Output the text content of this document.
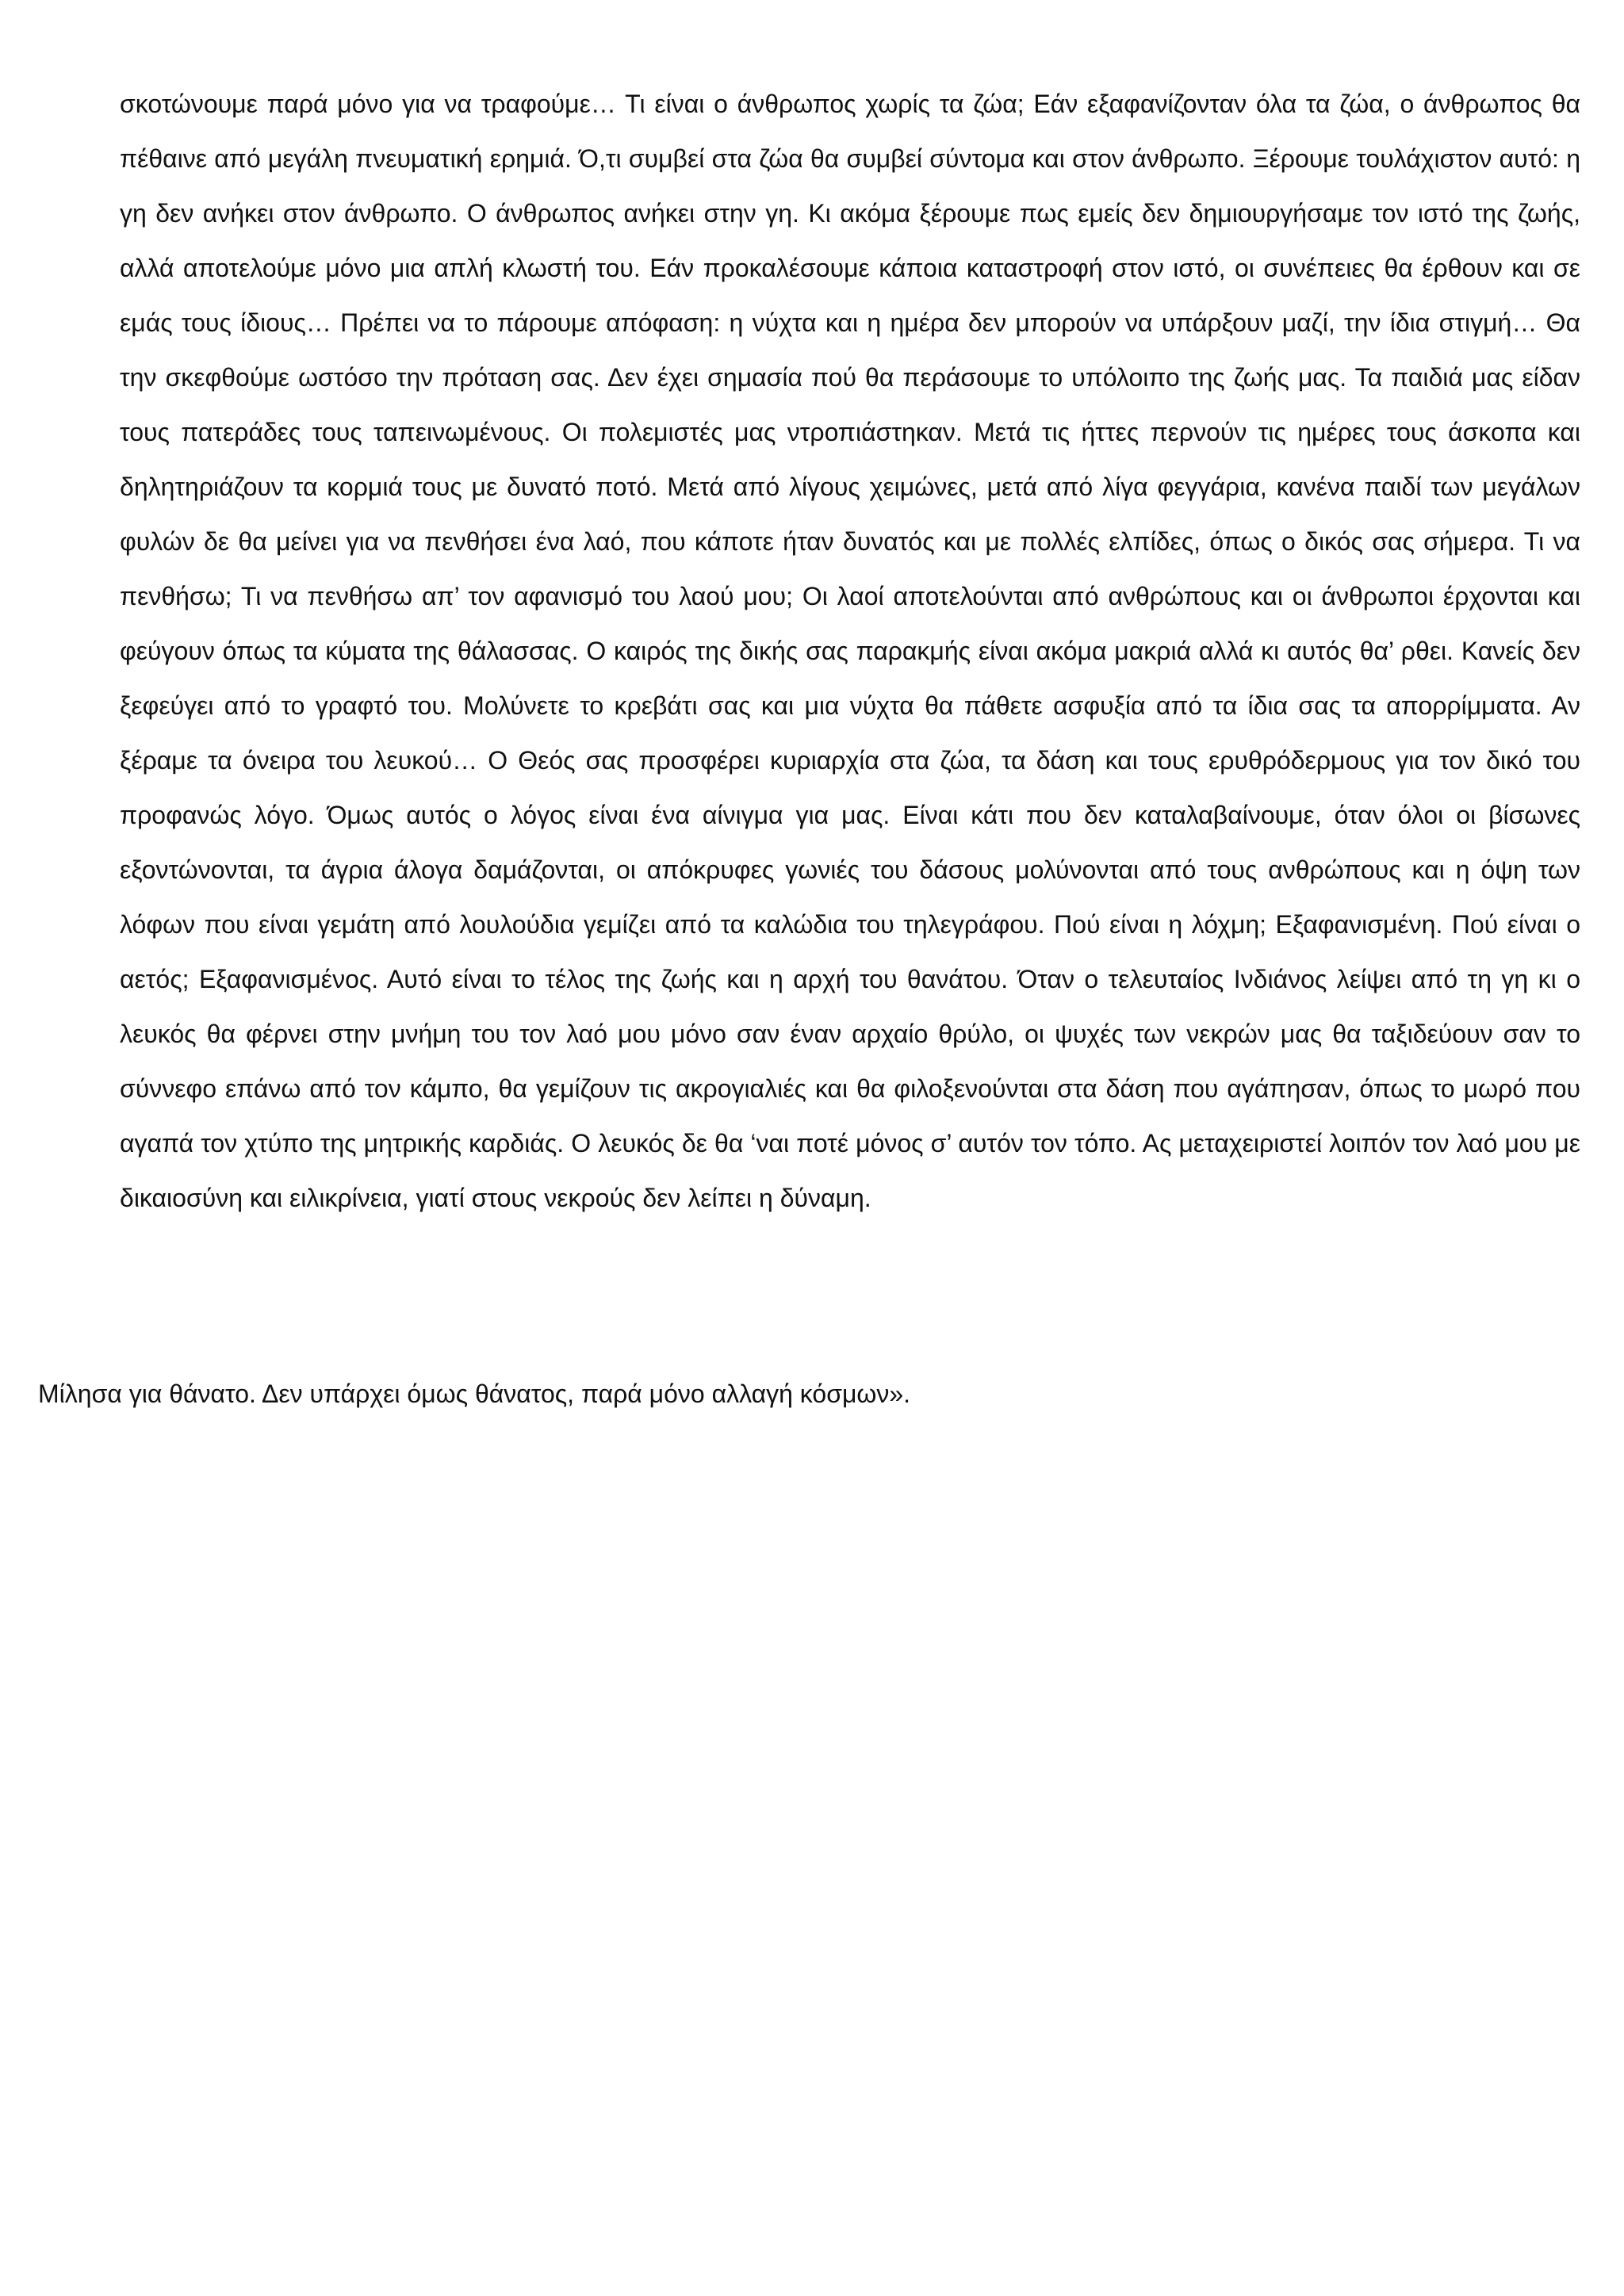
σκοτώνουμε παρά μόνο για να τραφούμε… Τι είναι ο άνθρωπος χωρίς τα ζώα; Εάν εξαφανίζονταν όλα τα ζώα, ο άνθρωπος θα πέθαινε από μεγάλη πνευματική ερημιά. Ό,τι συμβεί στα ζώα θα συμβεί σύντομα και στον άνθρωπο. Ξέρουμε τουλάχιστον αυτό: η γη δεν ανήκει στον άνθρωπο. Ο άνθρωπος ανήκει στην γη. Κι ακόμα ξέρουμε πως εμείς δεν δημιουργήσαμε τον ιστό της ζωής, αλλά αποτελούμε μόνο μια απλή κλωστή του. Εάν προκαλέσουμε κάποια καταστροφή στον ιστό, οι συνέπειες θα έρθουν και σε εμάς τους ίδιους… Πρέπει να το πάρουμε απόφαση: η νύχτα και η ημέρα δεν μπορούν να υπάρξουν μαζί, την ίδια στιγμή… Θα την σκεφθούμε ωστόσο την πρόταση σας. Δεν έχει σημασία πού θα περάσουμε το υπόλοιπο της ζωής μας. Τα παιδιά μας είδαν τους πατεράδες τους ταπεινωμένους. Οι πολεμιστές μας ντροπιάστηκαν. Μετά τις ήττες περνούν τις ημέρες τους άσκοπα και δηλητηριάζουν τα κορμιά τους με δυνατό ποτό. Μετά από λίγους χειμώνες, μετά από λίγα φεγγάρια, κανένα παιδί των μεγάλων φυλών δε θα μείνει για να πενθήσει ένα λαό, που κάποτε ήταν δυνατός και με πολλές ελπίδες, όπως ο δικός σας σήμερα. Τι να πενθήσω; Τι να πενθήσω απ’ τον αφανισμό του λαού μου; Οι λαοί αποτελούνται από ανθρώπους και οι άνθρωποι έρχονται και φεύγουν όπως τα κύματα της θάλασσας. Ο καιρός της δικής σας παρακμής είναι ακόμα μακριά αλλά κι αυτός θα’ ρθει. Κανείς δεν ξεφεύγει από το γραφτό του. Μολύνετε το κρεβάτι σας και μια νύχτα θα πάθετε ασφυξία από τα ίδια σας τα απορρίμματα. Αν ξέραμε τα όνειρα του λευκού… Ο Θεός σας προσφέρει κυριαρχία στα ζώα, τα δάση και τους ερυθρόδερμους για τον δικό του προφανώς λόγο. Όμως αυτός ο λόγος είναι ένα αίνιγμα για μας. Είναι κάτι που δεν καταλαβαίνουμε, όταν όλοι οι βίσωνες εξοντώνονται, τα άγρια άλογα δαμάζονται, οι απόκρυφες γωνιές του δάσους μολύνονται από τους ανθρώπους και η όψη των λόφων που είναι γεμάτη από λουλούδια γεμίζει από τα καλώδια του τηλεγράφου. Πού είναι η λόχμη; Εξαφανισμένη. Πού είναι ο αετός; Εξαφανισμένος. Αυτό είναι το τέλος της ζωής και η αρχή του θανάτου. Όταν ο τελευταίος Ινδιάνος λείψει από τη γη κι ο λευκός θα φέρνει στην μνήμη του τον λαό μου μόνο σαν έναν αρχαίο θρύλο, οι ψυχές των νεκρών μας θα ταξιδεύουν σαν το σύννεφο επάνω από τον κάμπο, θα γεμίζουν τις ακρογιαλιές και θα φιλοξενούνται στα δάση που αγάπησαν, όπως το μωρό που αγαπά τον χτύπο της μητρικής καρδιάς. Ο λευκός δε θα ‘ναι ποτέ μόνος σ’ αυτόν τον τόπο. Ας μεταχειριστεί λοιπόν τον λαό μου με δικαιοσύνη και ειλικρίνεια, γιατί στους νεκρούς δεν λείπει η δύναμη.

Μίλησα για θάνατο. Δεν υπάρχει όμως θάνατος, παρά μόνο αλλαγή κόσμων».
